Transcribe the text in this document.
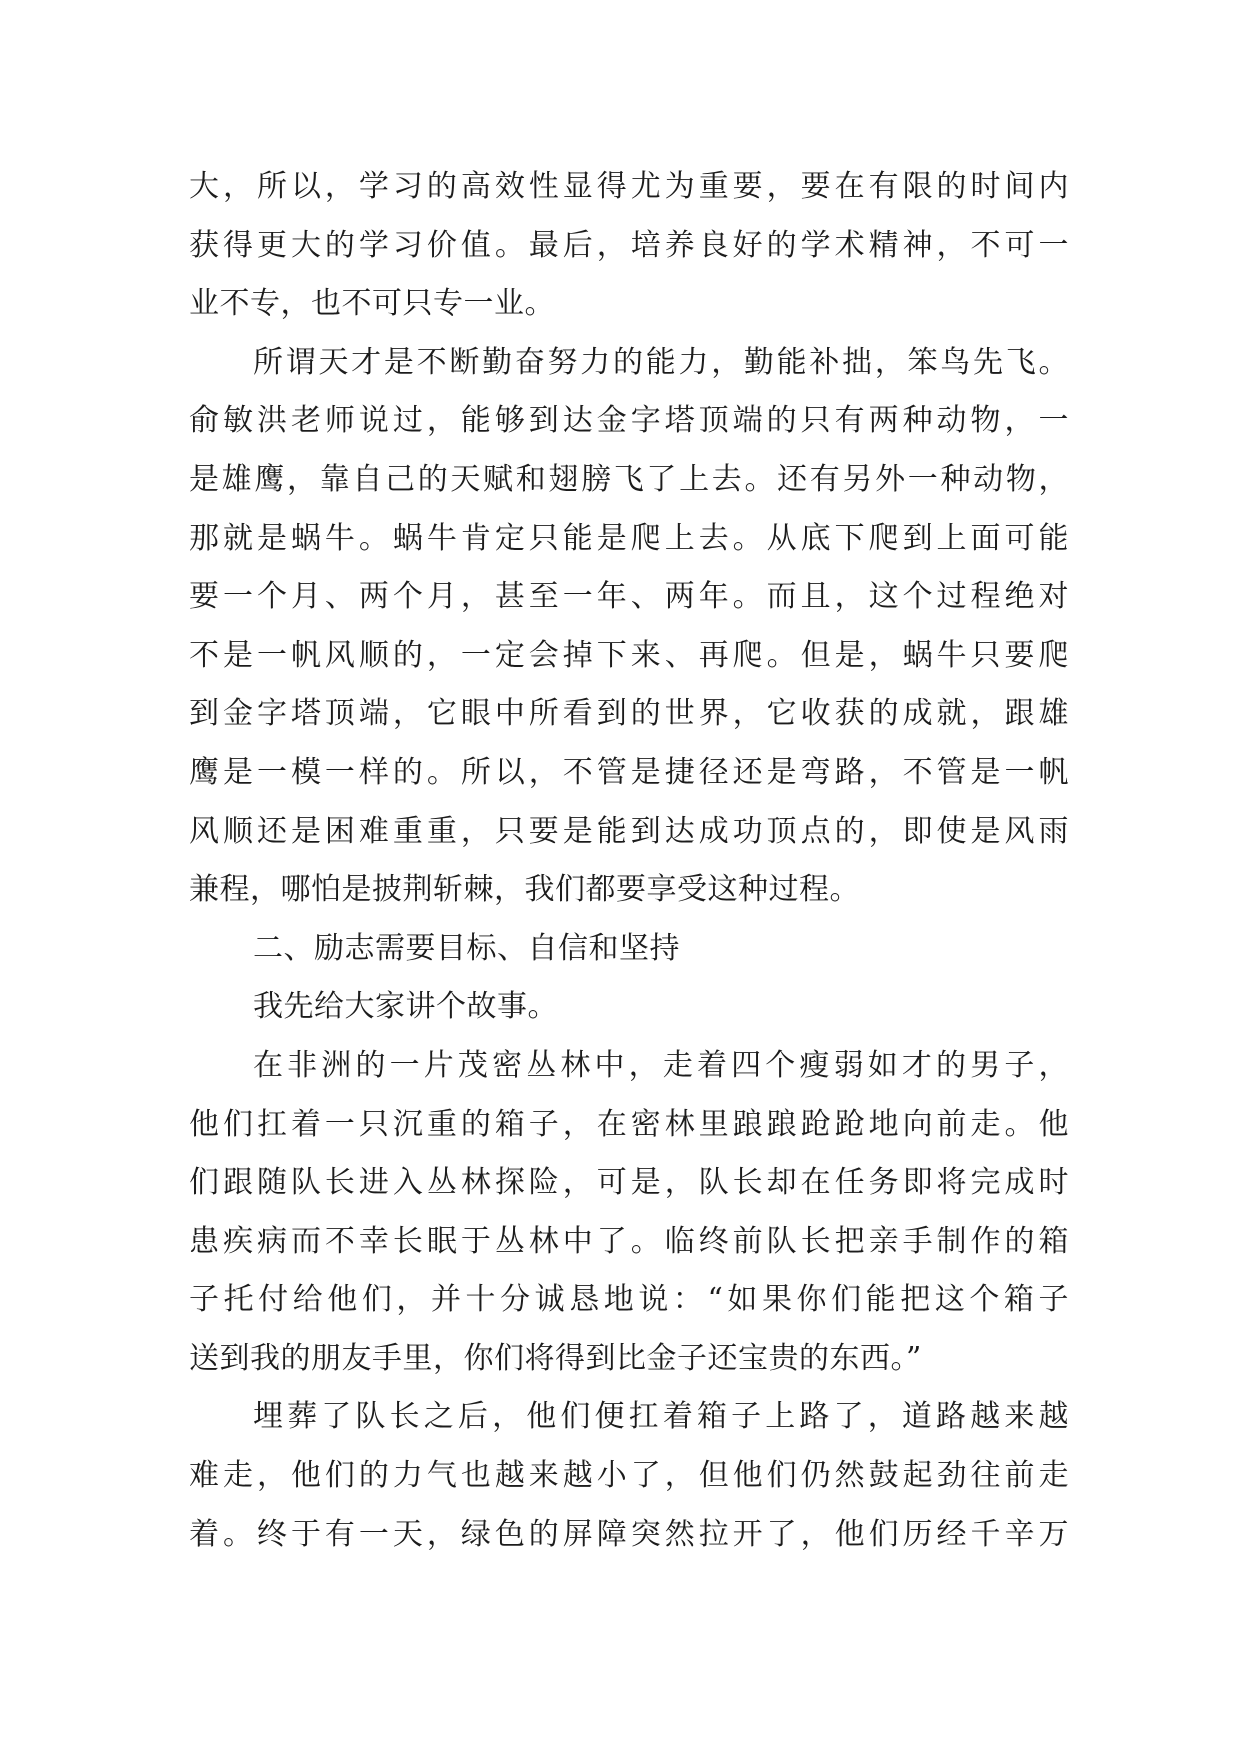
大，所以，学习的高效性显得尤为重要，要在有限的时间内
获得更大的学习价值。最后，培养良好的学术精神，不可一
业不专，也不可只专一业。
所谓天才是不断勤奋努力的能力，勤能补拙，笨鸟先飞。
俞敏洪老师说过，能够到达金字塔顶端的只有两种动物，一
是雄鹰，靠自己的天赋和翅膀飞了上去。还有另外一种动物，
那就是蜗牛。蜗牛肯定只能是爬上去。从底下爬到上面可能
要一个月、两个月，甚至一年、两年。而且，这个过程绝对
不是一帆风顺的，一定会掉下来、再爬。但是，蜗牛只要爬
到金字塔顶端，它眼中所看到的世界，它收获的成就，跟雄
鹰是一模一样的。所以，不管是捷径还是弯路，不管是一帆
风顺还是困难重重，只要是能到达成功顶点的，即使是风雨
兼程，哪怕是披荆斩棘，我们都要享受这种过程。
二、励志需要目标、自信和坚持
我先给大家讲个故事。
在非洲的一片茂密丛林中，走着四个瘦弱如才的男子，
他们扛着一只沉重的箱子，在密林里踉踉跄跄地向前走。他
们跟随队长进入丛林探险，可是，队长却在任务即将完成时
患疾病而不幸长眠于丛林中了。临终前队长把亲手制作的箱
子托付给他们，并十分诚恳地说：“如果你们能把这个箱子
送到我的朋友手里，你们将得到比金子还宝贵的东西。”
埋葬了队长之后，他们便扛着箱子上路了，道路越来越
难走，他们的力气也越来越小了，但他们仍然鼓起劲往前走
着。终于有一天，绿色的屏障突然拉开了，他们历经千辛万
